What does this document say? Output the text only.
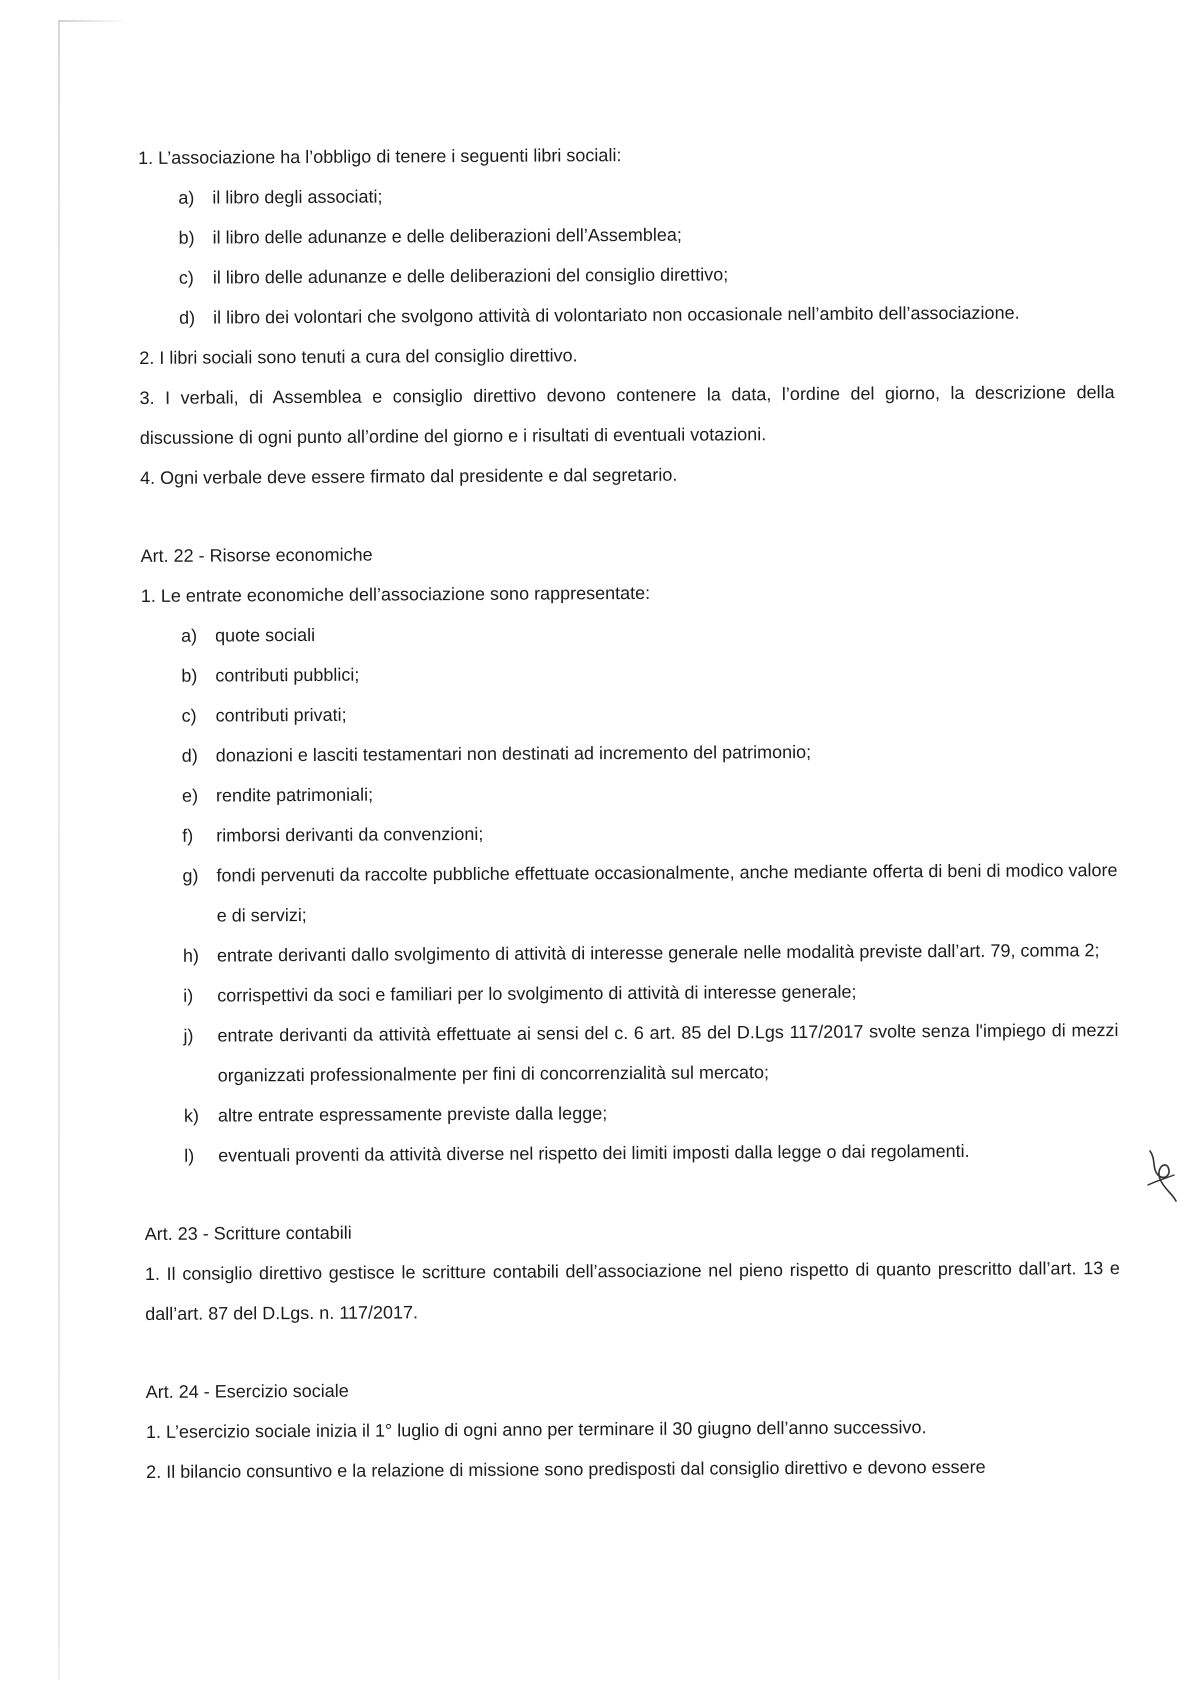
1. L’associazione ha l’obbligo di tenere i seguenti libri sociali:

a) il libro degli associati;
b) il libro delle adunanze e delle deliberazioni dell’Assemblea;
c)	il libro delle adunanze e delle deliberazioni del consiglio direttivo;
d) il libro dei volontari che svolgono attività di volontariato non occasionale nell’ambito dell’associazione.

2. I libri sociali sono tenuti a cura del consiglio direttivo.

3. I verbali, di Assemblea e consiglio direttivo devono contenere la data, l’ordine del giorno, la descrizione della discussione di ogni punto all’ordine del giorno e i risultati di eventuali votazioni.

4. Ogni verbale deve essere firmato dal presidente e dal segretario.

Art. 22 - Risorse economiche

1. Le entrate economiche dell’associazione sono rappresentate:

a) quote sociali
b) contributi pubblici;
c)	contributi privati;
d) donazioni e lasciti testamentari non destinati ad incremento del patrimonio;
e) rendite patrimoniali;
f)	rimborsi derivanti da convenzioni;
g) fondi pervenuti da raccolte pubbliche effettuate occasionalmente, anche mediante offerta di beni di modico valore e di servizi;
h) entrate derivanti dallo svolgimento di attività di interesse generale nelle modalità previste dall’art. 79, comma 2;
i)	corrispettivi da soci e familiari per lo svolgimento di attività di interesse generale;
j)	entrate derivanti da attività effettuate ai sensi del c. 6 art. 85 del D.Lgs 117/2017 svolte senza l'impiego di mezzi organizzati professionalmente per fini di concorrenzialità sul mercato;
k)	altre entrate espressamente previste dalla legge;
l)	eventuali proventi da attività diverse nel rispetto dei limiti imposti dalla legge o dai regolamenti.

Art. 23 - Scritture contabili

1. Il consiglio direttivo gestisce le scritture contabili dell’associazione nel pieno rispetto di quanto prescritto dall’art. 13 e dall’art. 87 del D.Lgs. n. 117/2017.

Art. 24 - Esercizio sociale

1. L’esercizio sociale inizia il 1° luglio di ogni anno per terminare il 30 giugno dell’anno successivo.

2. Il bilancio consuntivo e la relazione di missione sono predisposti dal consiglio direttivo e devono essere
